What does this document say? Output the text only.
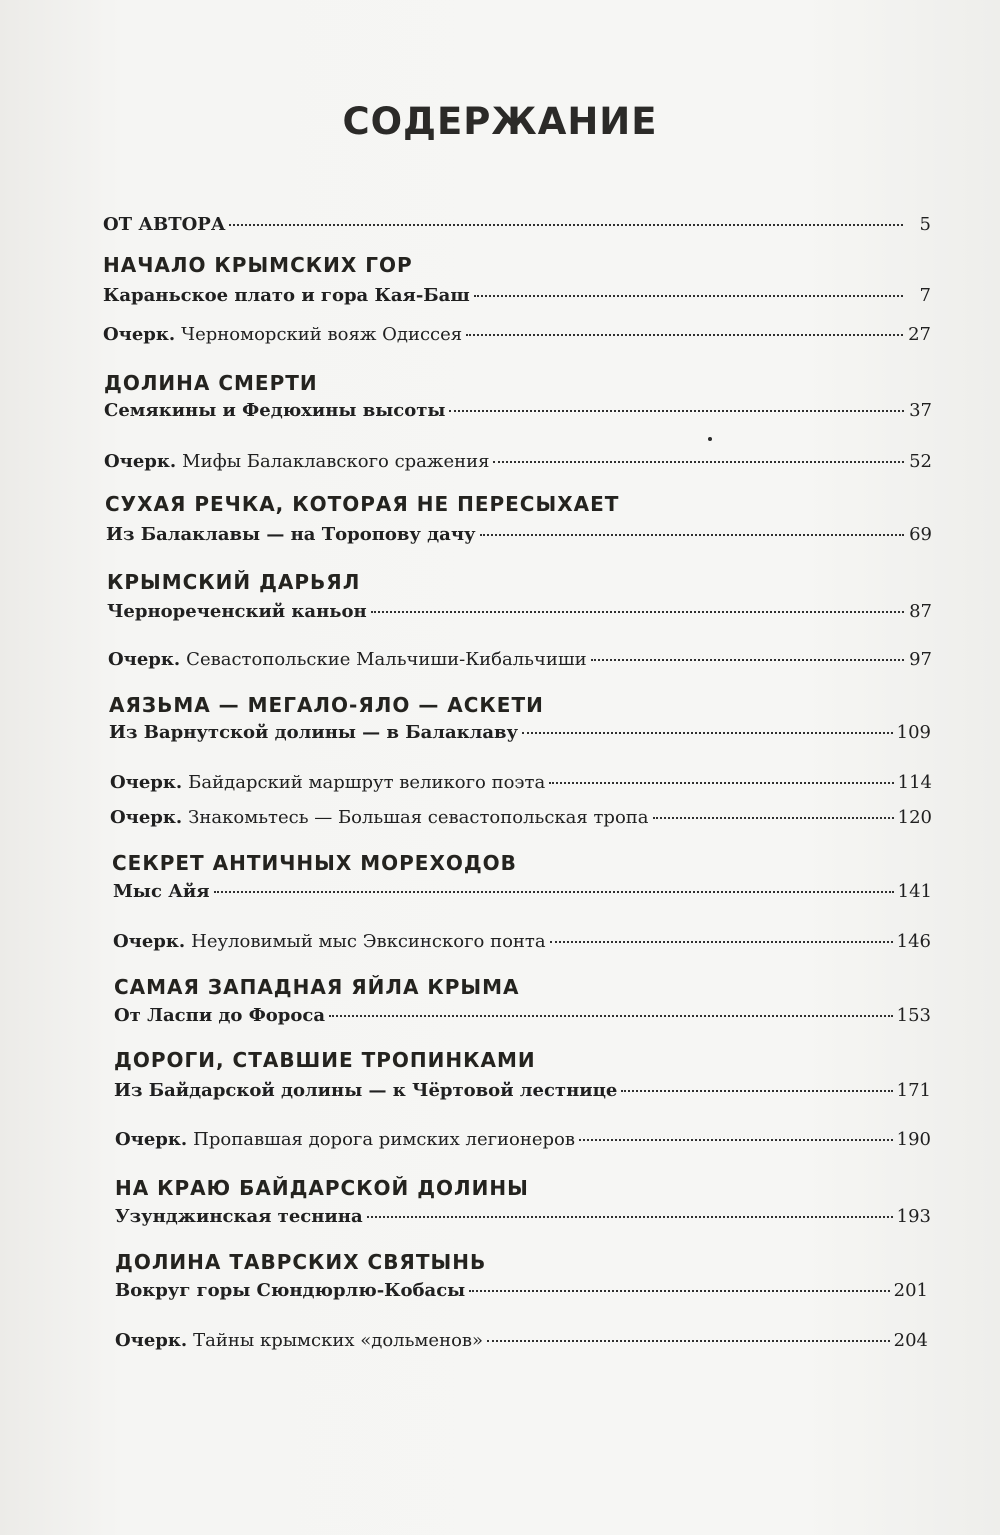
СОДЕРЖАНИЕ
ОТ АВТОРА	5
НАЧАЛО КРЫМСКИХ ГОР
Караньское плато и гора Кая-Баш	7
Очерк. Черноморский вояж Одиссея	27
ДОЛИНА СМЕРТИ
Семякины и Федюхины высоты	37
Очерк. Мифы Балаклавского сражения	52
СУХАЯ РЕЧКА, КОТОРАЯ НЕ ПЕРЕСЫХАЕТ
Из Балаклавы — на Торопову дачу	69
КРЫМСКИЙ ДАРЬЯЛ
Чернореченский каньон	87
Очерк. Севастопольские Мальчиши-Кибальчиши	97
АЯЗЬМА — МЕГАЛО-ЯЛО — АСКЕТИ
Из Варнутской долины — в Балаклаву	109
Очерк. Байдарский маршрут великого поэта	114
Очерк. Знакомьтесь — Большая севастопольская тропа	120
СЕКРЕТ АНТИЧНЫХ МОРЕХОДОВ
Мыс Айя	141
Очерк. Неуловимый мыс Эвксинского понта	146
САМАЯ ЗАПАДНАЯ ЯЙЛА КРЫМА
От Ласпи до Фороса	153
ДОРОГИ, СТАВШИЕ ТРОПИНКАМИ
Из Байдарской долины — к Чёртовой лестнице	171
Очерк. Пропавшая дорога римских легионеров	190
НА КРАЮ БАЙДАРСКОЙ ДОЛИНЫ
Узунджинская теснина	193
ДОЛИНА ТАВРСКИХ СВЯТЫНЬ
Вокруг горы Сюндюрлю-Кобасы	201
Очерк. Тайны крымских «дольменов»	204
